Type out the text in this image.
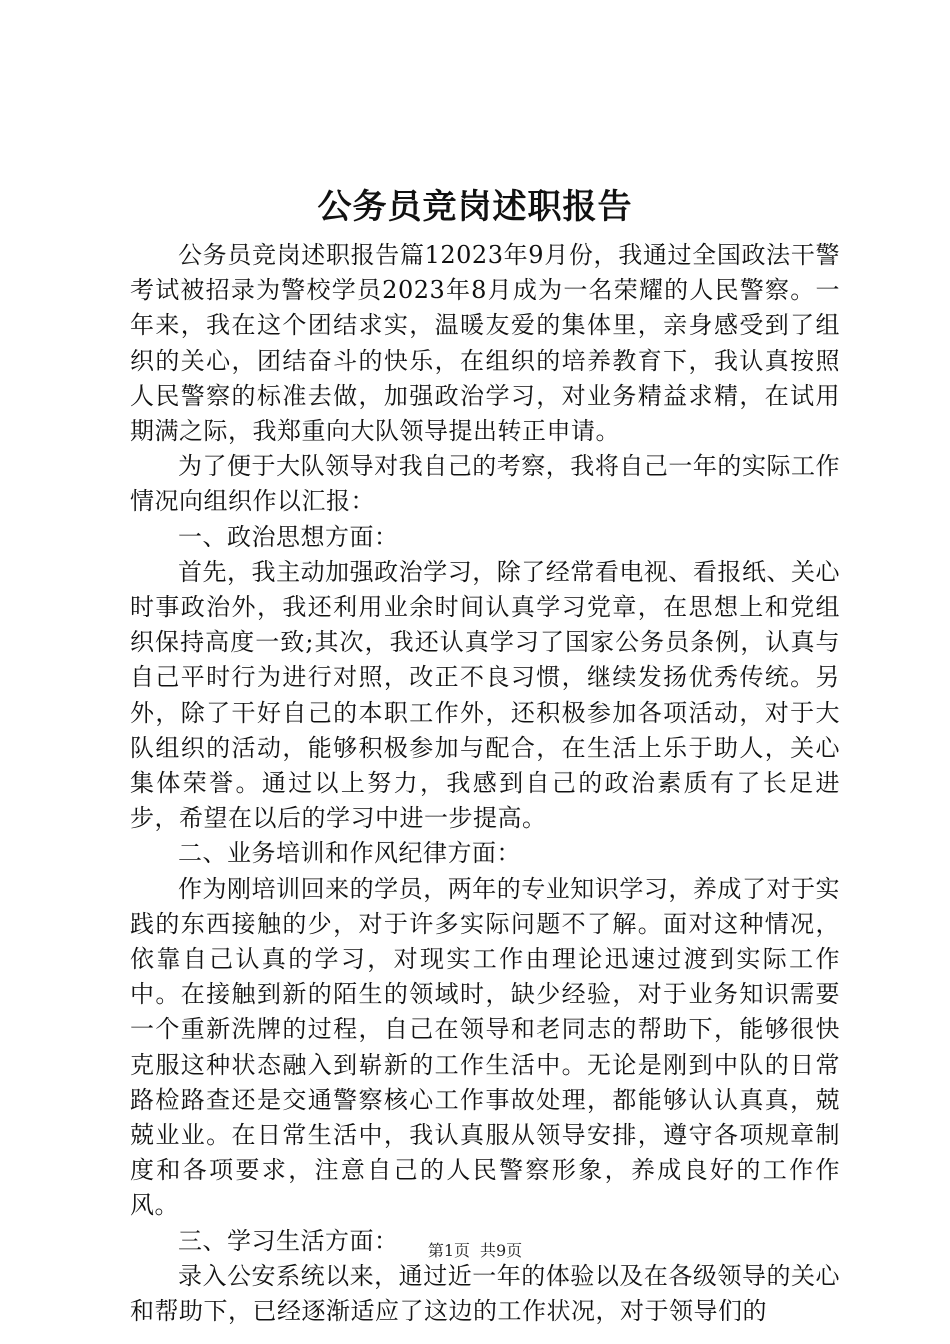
公务员竞岗述职报告

公务员竞岗述职报告篇12023年9月份，我通过全国政法干警考试被招录为警校学员2023年8月成为一名荣耀的人民警察。一年来，我在这个团结求实，温暖友爱的集体里，亲身感受到了组织的关心，团结奋斗的快乐，在组织的培养教育下，我认真按照人民警察的标准去做，加强政治学习，对业务精益求精，在试用期满之际，我郑重向大队领导提出转正申请。

为了便于大队领导对我自己的考察，我将自己一年的实际工作情况向组织作以汇报：

一、政治思想方面：

首先，我主动加强政治学习，除了经常看电视、看报纸、关心时事政治外，我还利用业余时间认真学习党章，在思想上和党组织保持高度一致;其次，我还认真学习了国家公务员条例，认真与自己平时行为进行对照，改正不良习惯，继续发扬优秀传统。另外，除了干好自己的本职工作外，还积极参加各项活动，对于大队组织的活动，能够积极参加与配合，在生活上乐于助人，关心集体荣誉。通过以上努力，我感到自己的政治素质有了长足进步，希望在以后的学习中进一步提高。

二、业务培训和作风纪律方面：

作为刚培训回来的学员，两年的专业知识学习，养成了对于实践的东西接触的少，对于许多实际问题不了解。面对这种情况，依靠自己认真的学习，对现实工作由理论迅速过渡到实际工作中。在接触到新的陌生的领域时，缺少经验，对于业务知识需要一个重新洗牌的过程，自己在领导和老同志的帮助下，能够很快克服这种状态融入到崭新的工作生活中。无论是刚到中队的日常路检路查还是交通警察核心工作事故处理，都能够认认真真，兢兢业业。在日常生活中，我认真服从领导安排，遵守各项规章制度和各项要求，注意自己的人民警察形象，养成良好的工作作风。

三、学习生活方面：

录入公安系统以来，通过近一年的体验以及在各级领导的关心和帮助下，已经逐渐适应了这边的工作状况，对于领导们的

第1页 共9页
